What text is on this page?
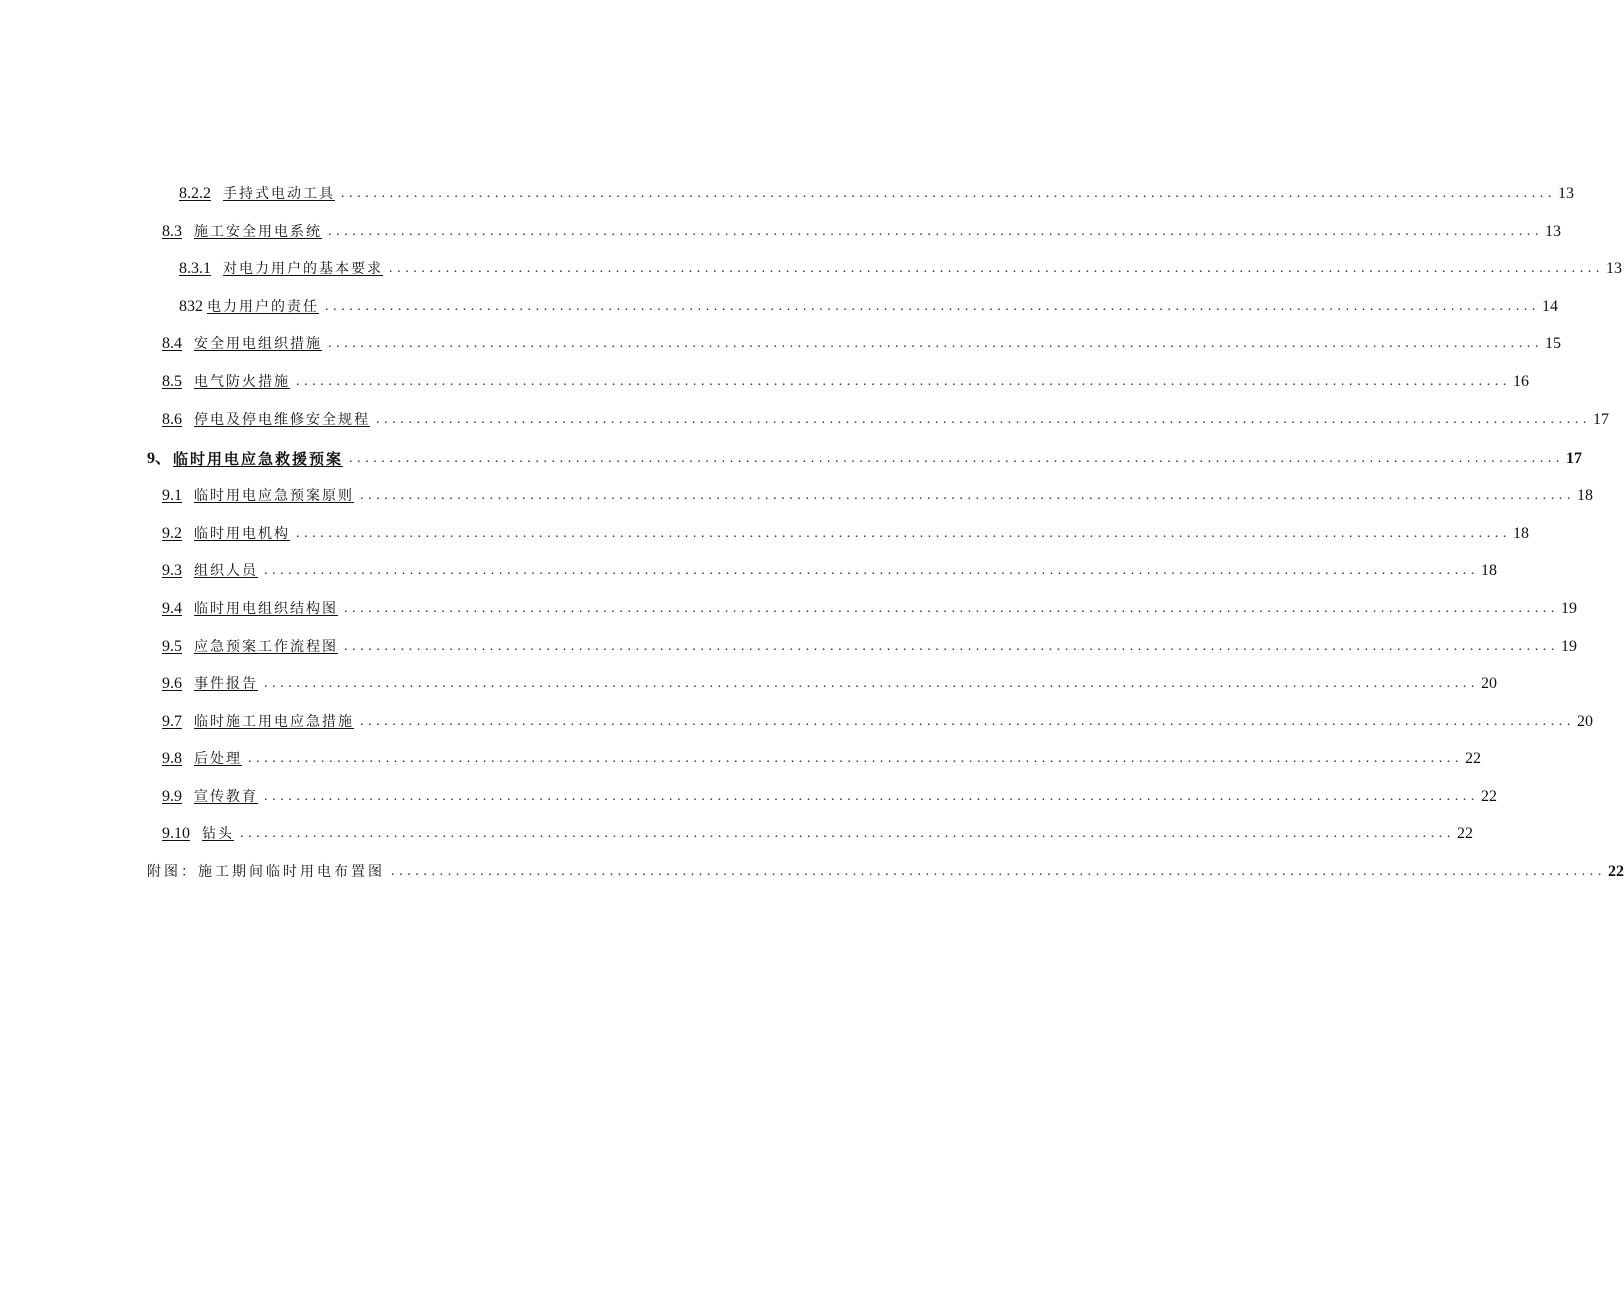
8.2.2 手持式电动工具 ...................................................................................................................................................... 13
8.3 施工安全用电系统 ...................................................................................................................................................... 13
8.3.1 对电力用户的基本要求 ...................................................................................................................................................... 13
832 电力用户的责任 ...................................................................................................................................................... 14
8.4 安全用电组织措施 ...................................................................................................................................................... 15
8.5 电气防火措施 ...................................................................................................................................................... 16
8.6 停电及停电维修安全规程 ...................................................................................................................................................... 17
9、 临时用电应急救援预案 ...................................................................................................................................................... 17
9.1 临时用电应急预案原则 ...................................................................................................................................................... 18
9.2 临时用电机构 ...................................................................................................................................................... 18
9.3 组织人员 ...................................................................................................................................................... 18
9.4 临时用电组织结构图 ...................................................................................................................................................... 19
9.5 应急预案工作流程图 ...................................................................................................................................................... 19
9.6 事件报告 ...................................................................................................................................................... 20
9.7 临时施工用电应急措施 ...................................................................................................................................................... 20
9.8 后处理 ...................................................................................................................................................... 22
9.9 宣传教育 ...................................................................................................................................................... 22
9.10 钻头 ...................................................................................................................................................... 22
附图：施工期间临时用电布置图 ...................................................................................................................................................... 22
